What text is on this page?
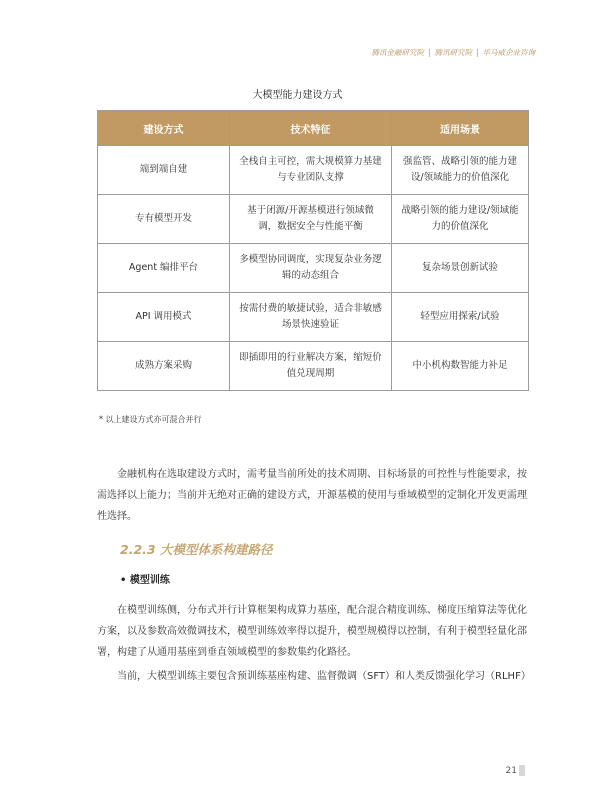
腾讯金融研究院 | 腾讯研究院 | 毕马威企业咨询
大模型能力建设方式
建设方式	技术特征	适用场景
端到端自建	全栈自主可控，需大规模算力基建与专业团队支撑	强监管、战略引领的能力建设/领域能力的价值深化
专有模型开发	基于闭源/开源基模进行领域微调，数据安全与性能平衡	战略引领的能力建设/领域能力的价值深化
Agent 编排平台	多模型协同调度，实现复杂业务逻辑的动态组合	复杂场景创新试验
API 调用模式	按需付费的敏捷试验，适合非敏感场景快速验证	轻型应用探索/试验
成熟方案采购	即插即用的行业解决方案，缩短价值兑现周期	中小机构数智能力补足
* 以上建设方式亦可混合并行

金融机构在选取建设方式时，需考量当前所处的技术周期、目标场景的可控性与性能要求，按需选择以上能力；当前并无绝对正确的建设方式，开源基模的使用与垂域模型的定制化开发更需理性选择。

2.2.3 大模型体系构建路径
• 模型训练

在模型训练侧，分布式并行计算框架构成算力基座，配合混合精度训练、梯度压缩算法等优化方案，以及参数高效微调技术，模型训练效率得以提升，模型规模得以控制，有利于模型轻量化部署，构建了从通用基座到垂直领域模型的参数集约化路径。

当前，大模型训练主要包含预训练基座构建、监督微调（SFT）和人类反馈强化学习（RLHF）

21
